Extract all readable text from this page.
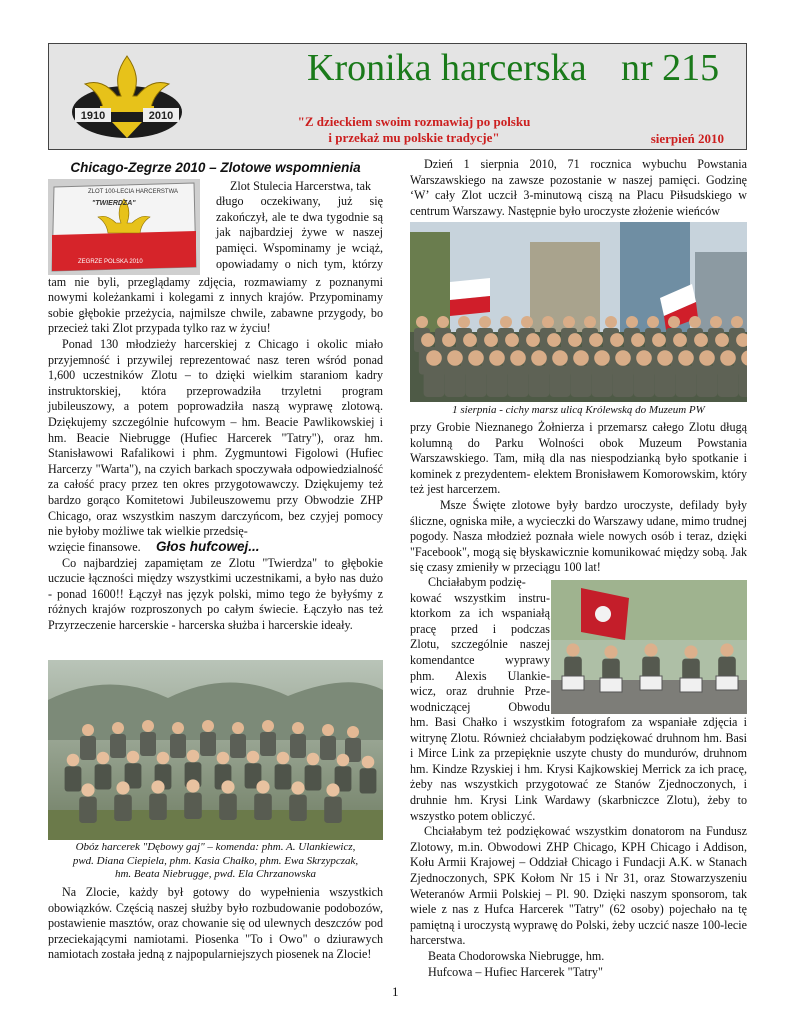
1910	2010
ZHP
Kronika harcerska nr 215
"Z dzieckiem swoim rozmawiaj po polsku
i przekaż mu polskie tradycje"	sierpień 2010
Chicago-Zegrze 2010 – Zlotowe wspomnienia
ZLOT 100-LECIA HARCERSTWA
"TWIERDZA"
ZEGRZE POLSKA 2010

Zlot Stulecia Harcerstwa, tak

długo oczekiwany, już się
zakończył, ale te dwa tygodnie są
jak najbardziej żywe w naszej
pamięci. Wspominamy je wciąż,
opowiadamy o nich tym, którzy

tam nie byli, przeglądamy zdjęcia, rozmawiamy z poznanymi nowymi koleżankami i kolegami z innych krajów. Przypominamy sobie głębokie przeżycia, najmilsze chwile, zabawne przygody, bo przecież taki Zlot przypada tylko raz w życiu!

Ponad 130 młodzieży harcerskiej z Chicago i okolic miało przyjemność i przywilej reprezentować nasz teren wśród ponad 1,600 uczestników Zlotu – to dzięki wielkim staraniom kadry instruktorskiej, która przeprowadziła trzyletni program jubileuszowy, a potem poprowadziła naszą wyprawę zlotową. Dziękujemy szczególnie hufcowym – hm. Beacie Pawlikowskiej i hm. Beacie Niebrugge (Hufiec Harcerek "Tatry"), oraz hm. Stanisławowi Rafalikowi i phm. Zygmuntowi Figolowi (Hufiec Harcerzy "Warta"), na czyich barkach spoczywała odpowiedzialność za całość pracy przez ten okres przygotowawczy. Dziękujemy też bardzo gorąco Komitetowi Jubileuszowemu przy Obwodzie ZHP Chicago, oraz wszystkim naszym darczyńcom, bez czyjej pomocy nie byłoby możliwe tak wielkie przedsię-

wzięcie finansowe. Głos hufcowej...

Co najbardziej zapamiętam ze Zlotu "Twierdza" to głębokie uczucie łączności między wszystkimi uczestnikami, a było nas dużo - ponad 1600!! Łączył nas język polski, mimo tego że byłyśmy z różnych krajów rozproszonych po całym świecie. Łączyło nas też Przyrzeczenie harcerskie - harcerska służba i harcerskie ideały.

Obóz harcerek "Dębowy gaj" – komenda: phm. A. Ulankiewicz,
pwd. Diana Ciepiela, phm. Kasia Chałko, phm. Ewa Skrzypczak,
hm. Beata Niebrugge, pwd. Ela Chrzanowska

Na Zlocie, każdy był gotowy do wypełnienia wszystkich obowiązków. Częścią naszej służby było rozbudowanie podobozów, postawienie masztów, oraz chowanie się od ulewnych deszczów pod przeciekającymi namiotami. Piosenka "To i Owo" o dziurawych namiotach została jedną z najpopularniejszych piosenek na Zlocie!

Dzień 1 sierpnia 2010, 71 rocznica wybuchu Powstania Warszawskiego na zawsze pozostanie w naszej pamięci. Godzinę ‘W’ cały Zlot uczcił 3-minutową ciszą na Placu Piłsudskiego w centrum Warszawy. Następnie było uroczyste złożenie wieńców

1 sierpnia - cichy marsz ulicą Królewską do Muzeum PW

przy Grobie Nieznanego Żołnierza i przemarsz całego Zlotu długą kolumną do Parku Wolności obok Muzeum Powstania Warszawskiego. Tam, miłą dla nas niespodzianką było spotkanie i kominek z prezydentem- elektem Bronisławem Komorowskim, który też jest harcerzem.

Msze Święte zlotowe były bardzo uroczyste, defilady były śliczne, ogniska miłe, a wycieczki do Warszawy udane, mimo trudnej pogody. Nasza młodzież poznała wiele nowych osób i teraz, dzięki "Facebook", mogą się błyskawicznie komunikować między sobą. Jak się czasy zmieniły w przeciągu 100 lat!

Chciałabym podzię-
kować wszystkim instru-
ktorkom za ich wspaniałą
pracę przed i podczas
Zlotu, szczególnie naszej
komendantce wyprawy
phm. Alexis Ulankie-
wicz, oraz druhnie Prze-
wodniczącej Obwodu

hm. Basi Chałko i wszystkim fotografom za wspaniałe zdjęcia i witrynę Zlotu. Również chciałabym podziękować druhnom hm. Basi i Mirce Link za przepięknie uszyte chusty do mundurów, druhnom hm. Kindze Rzyskiej i hm. Krysi Kajkowskiej Merrick za ich pracę, żeby nas wszystkich przygotować ze Stanów Zjednoczonych, i druhnie hm. Krysi Link Wardawy (skarbniczce Zlotu), żeby to wszystko potem obliczyć.

Chciałabym też podziękować wszystkim donatorom na Fundusz Zlotowy, m.in. Obwodowi ZHP Chicago, KPH Chicago i Addison, Kołu Armii Krajowej – Oddział Chicago i Fundacji A.K. w Stanach Zjednoczonych, SPK Kołom Nr 15 i Nr 31, oraz Stowarzyszeniu Weteranów Armii Polskiej – Pl. 90. Dzięki naszym sponsorom, tak wiele z nas z Hufca Harcerek "Tatry" (62 osoby) pojechało na tę pamiętną i uroczystą wyprawę do Polski, żeby uczcić nasze 100-lecie harcerstwa.

Beata Chodorowska Niebrugge, hm.
Hufcowa – Hufiec Harcerek "Tatry"
1
